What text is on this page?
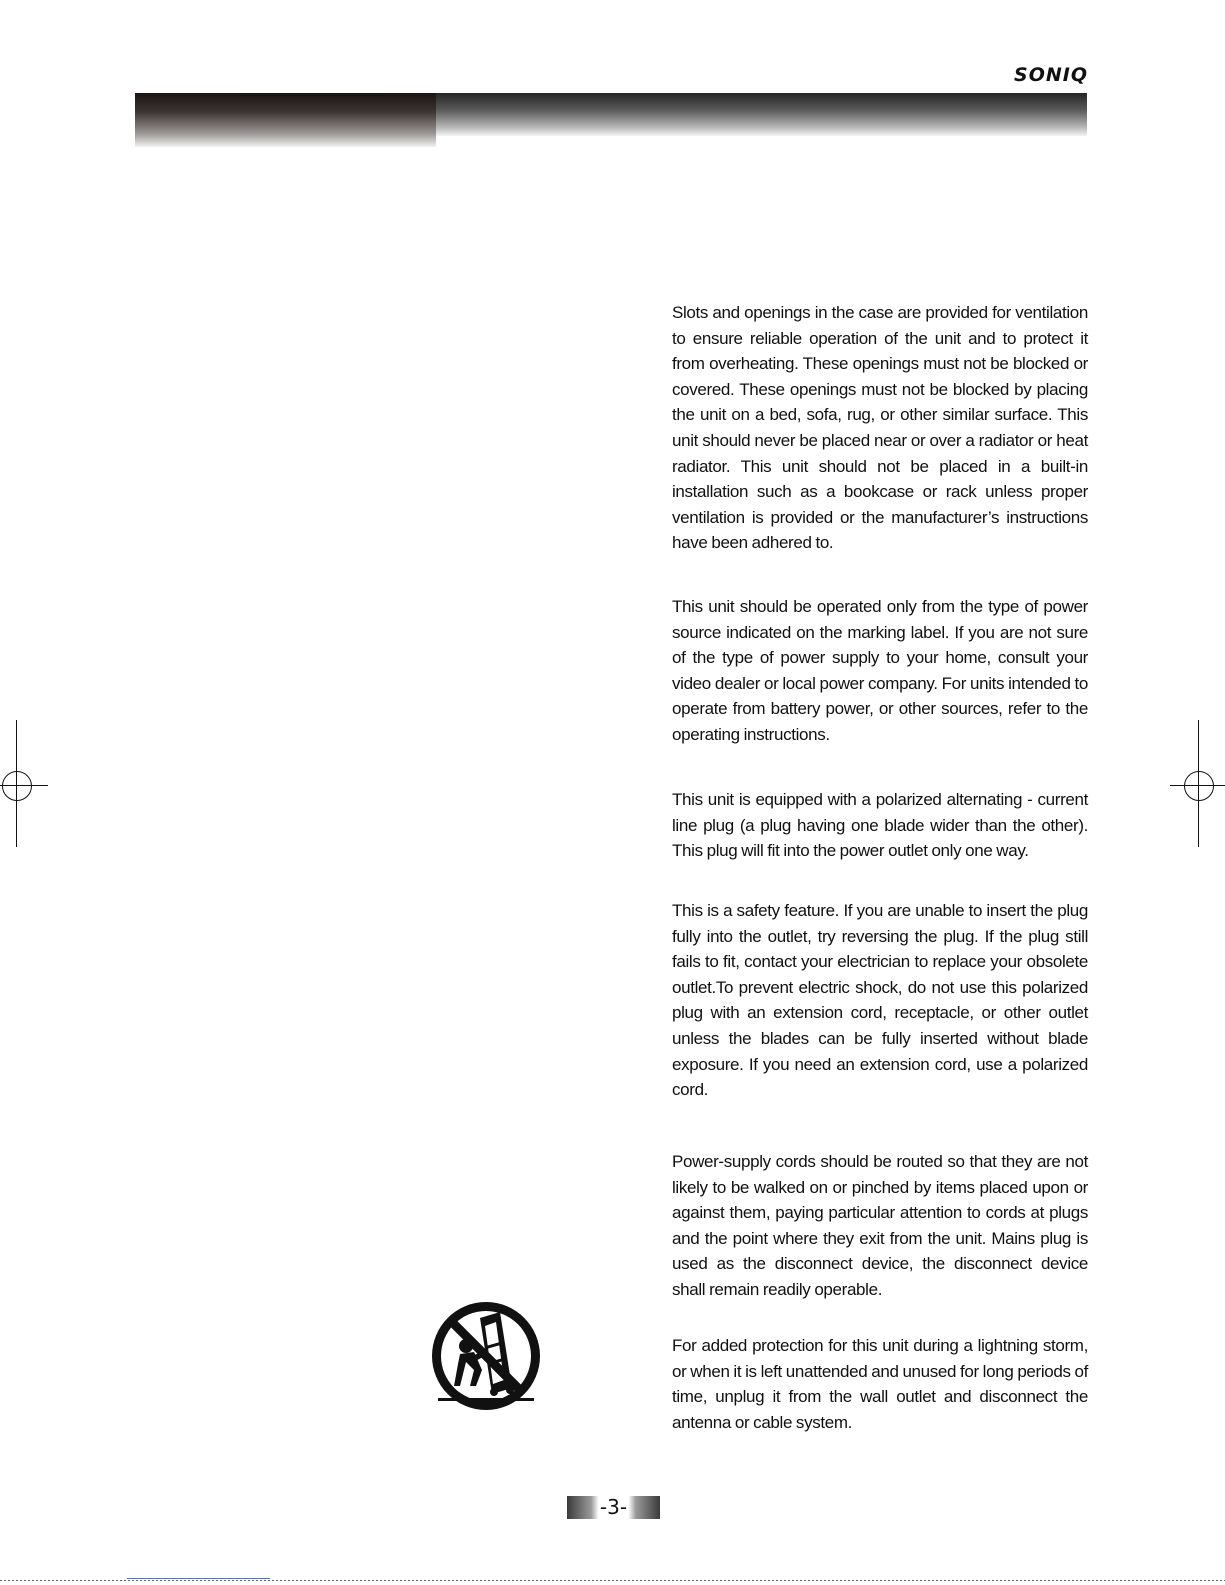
SONIQ

Slots and openings in the case are provided for ventilation to ensure reliable operation of the unit and to protect it from overheating. These openings must not be blocked or covered. These openings must not be blocked by placing the unit on a bed, sofa, rug, or other similar surface. This unit should never be placed near or over a radiator or heat radiator. This unit should not be placed in a built-in installation such as a bookcase or rack unless proper ventilation is provided or the manufacturer’s instructions have been adhered to.

This unit should be operated only from the type of power source indicated on the marking label. If you are not sure of the type of power supply to your home, consult your video dealer or local power company. For units intended to operate from battery power, or other sources, refer to the operating instructions.

This unit is equipped with a polarized alternating - current line plug (a plug having one blade wider than the other). This plug will fit into the power outlet only one way.

This is a safety feature. If you are unable to insert the plug fully into the outlet, try reversing the plug. If the plug still fails to fit, contact your electrician to replace your obsolete outlet.To prevent electric shock, do not use this polarized plug with an extension cord, receptacle, or other outlet unless the blades can be fully inserted without blade exposure. If you need an extension cord, use a polarized cord.

Power-supply cords should be routed so that they are not likely to be walked on or pinched by items placed upon or against them, paying particular attention to cords at plugs and the point where they exit from the unit. Mains plug is used as the disconnect device, the disconnect device shall remain readily operable.

For added protection for this unit during a lightning storm, or when it is left unattended and unused for long periods of time, unplug it from the wall outlet and disconnect the antenna or cable system.

-3-
